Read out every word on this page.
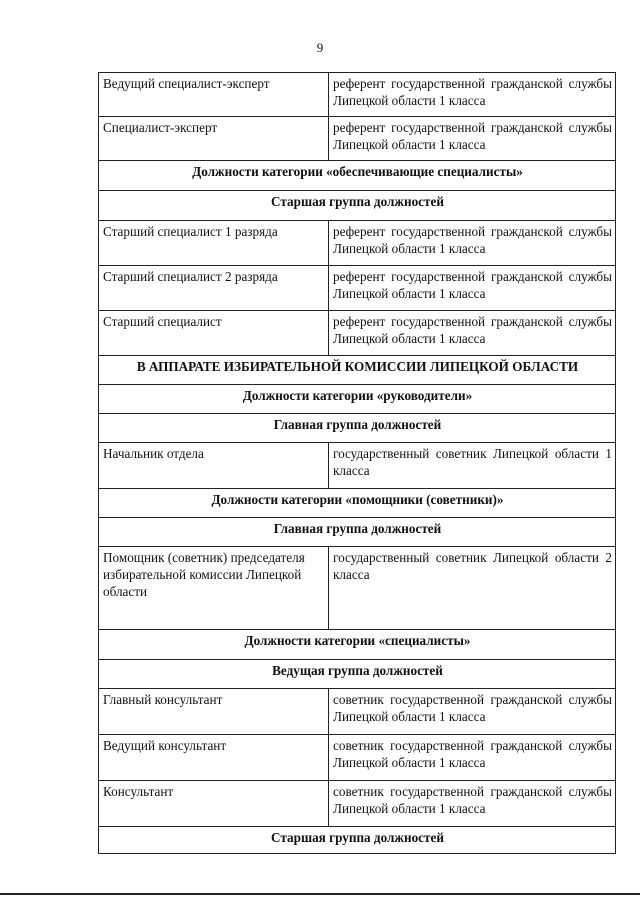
9
Ведущий специалист-эксперт	референт государственной гражданской службы Липецкой области 1 класса
Специалист-эксперт	референт государственной гражданской службы Липецкой области 1 класса
Должности категории «обеспечивающие специалисты»	
Старшая группа должностей	
Старший специалист 1 разряда	референт государственной гражданской службы Липецкой области 1 класса
Старший специалист 2 разряда	референт государственной гражданской службы Липецкой области 1 класса
Старший специалист	референт государственной гражданской службы Липецкой области 1 класса
В АППАРАТЕ ИЗБИРАТЕЛЬНОЙ КОМИССИИ ЛИПЕЦКОЙ ОБЛАСТИ	
Должности категории «руководители»	
Главная группа должностей	
Начальник отдела	государственный советник Липецкой области 1 класса
Должности категории «помощники (советники)»	
Главная группа должностей	
Помощник (советник) председателя избирательной комиссии Липецкой области	государственный советник Липецкой области 2 класса
Должности категории «специалисты»	
Ведущая группа должностей	
Главный консультант	советник государственной гражданской службы Липецкой области 1 класса
Ведущий консультант	советник государственной гражданской службы Липецкой области 1 класса
Консультант	советник государственной гражданской службы Липецкой области 1 класса
Старшая группа должностей	
